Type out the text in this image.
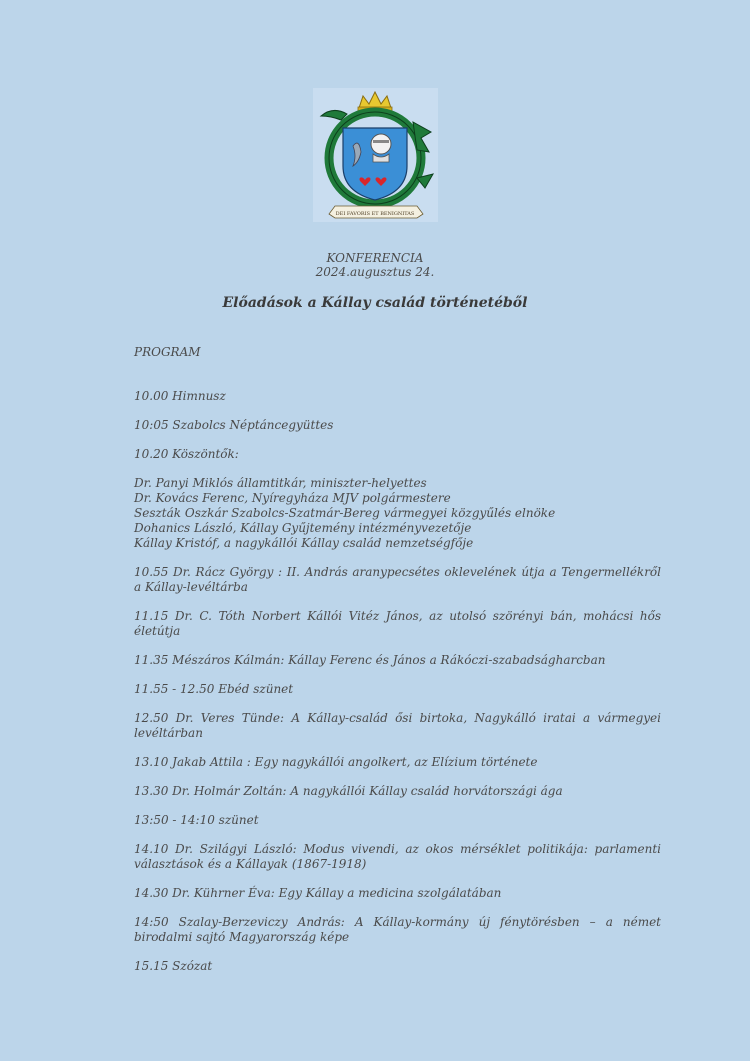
DEI FAVORIS ET BENIGNITAS
KONFERENCIA
2024.augusztus 24.
Előadások a Kállay család történetéből
PROGRAM

10.00 Himnusz

10:05 Szabolcs Néptáncegyüttes

10.20 Köszöntők:

Dr. Panyi Miklós államtitkár, miniszter-helyettes
Dr. Kovács Ferenc, Nyíregyháza MJV polgármestere
Seszták Oszkár Szabolcs-Szatmár-Bereg vármegyei közgyűlés elnöke
Dohanics László, Kállay Gyűjtemény intézményvezetője
Kállay Kristóf, a nagykállói Kállay család nemzetségfője

10.55 Dr. Rácz György : II. András aranypecsétes oklevelének útja a Tengermellékről a Kállay-levéltárba

11.15 Dr. C. Tóth Norbert Kállói Vitéz János, az utolsó szörényi bán, mohácsi hős életútja

11.35 Mészáros Kálmán: Kállay Ferenc és János a Rákóczi-szabadságharcban

11.55 - 12.50 Ebéd szünet

12.50 Dr. Veres Tünde: A Kállay-család ősi birtoka, Nagykálló iratai a vármegyei levéltárban

13.10 Jakab Attila : Egy nagykállói angolkert, az Elízium története

13.30 Dr. Holmár Zoltán: A nagykállói Kállay család horvátországi ága

13:50 - 14:10 szünet

14.10 Dr. Szilágyi László: Modus vivendi, az okos mérséklet politikája: parlamenti választások és a Kállayak (1867-1918)

14.30 Dr. Kührner Éva: Egy Kállay a medicina szolgálatában

14:50 Szalay-Berzeviczy András: A Kállay-kormány új fénytörésben – a német birodalmi sajtó Magyarország képe

15.15 Szózat
